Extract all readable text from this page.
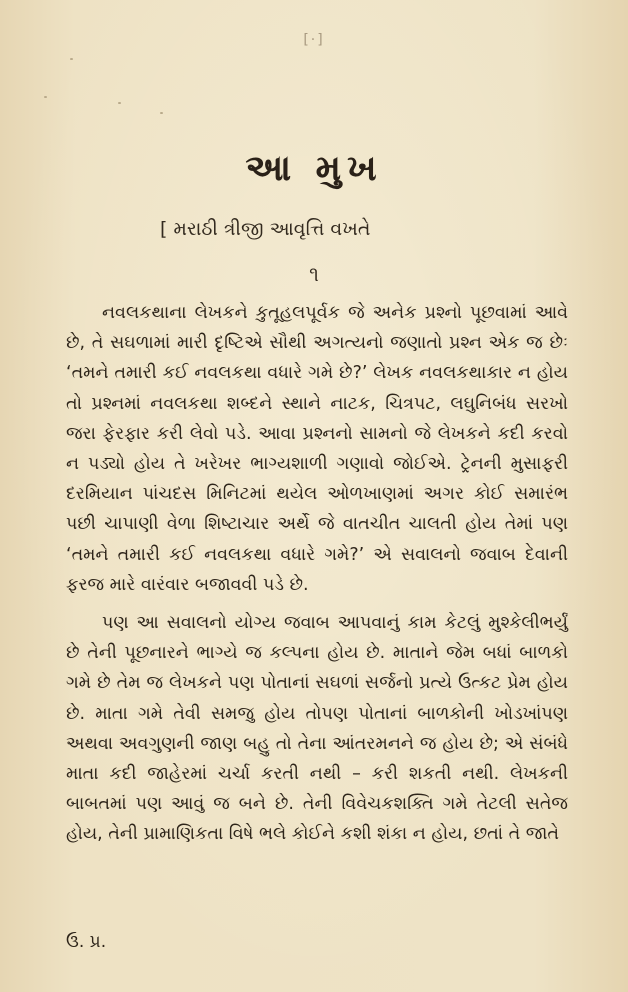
[·]
આ મુખ
[ મરાઠી ત્રીજી આવૃત્તિ વખતે
૧

નવલકથાના લેખકને કુતૂહલપૂર્વક જે અનેક પ્રશ્નો પૂછવામાં આવે છે, તે સઘળામાં મારી દૃષ્ટિએ સૌથી અગત્યનો જણાતો પ્રશ્ન એક જ છેઃ ‘તમને તમારી કઈ નવલકથા વધારે ગમે છે?’ લેખક નવલકથાકાર ન હોય તો પ્રશ્નમાં નવલકથા શબ્દને સ્થાને નાટક, ચિત્રપટ, લઘુનિબંધ સરખો જરા ફેરફાર કરી લેવો પડે. આવા પ્રશ્નનો સામનો જે લેખકને કદી કરવો ન પડ્યો હોય તે ખરેખર ભાગ્યશાળી ગણાવો જોઈએ. ટ્રેનની મુસાફરી દરમિયાન પાંચદસ મિનિટમાં થયેલ ઓળખાણમાં અગર કોઈ સમારંભ પછી ચાપાણી વેળા શિષ્ટાચાર અર્થે જે વાતચીત ચાલતી હોય તેમાં પણ ‘તમને તમારી કઈ નવલકથા વધારે ગમે?’ એ સવાલનો જવાબ દેવાની ફરજ મારે વારંવાર બજાવવી પડે છે.

પણ આ સવાલનો યોગ્ય જવાબ આપવાનું કામ કેટલું મુશ્કેલીભર્યું છે તેની પૂછનારને ભાગ્યે જ કલ્પના હોય છે. માતાને જેમ બધાં બાળકો ગમે છે તેમ જ લેખકને પણ પોતાનાં સઘળાં સર્જનો પ્રત્યે ઉત્કટ પ્રેમ હોય છે. માતા ગમે તેવી સમજુ હોય તોપણ પોતાનાં બાળકોની ખોડખાંપણ અથવા અવગુણની જાણ બહુ તો તેના આંતરમનને જ હોય છે; એ સંબંધે માતા કદી જાહેરમાં ચર્ચા કરતી નથી – કરી શકતી નથી. લેખકની બાબતમાં પણ આવું જ બને છે. તેની વિવેચકશક્તિ ગમે તેટલી સતેજ હોય, તેની પ્રામાણિકતા વિષે ભલે કોઈને કશી શંકા ન હોય, છતાં તે જાતે

ઉ. પ્ર.
